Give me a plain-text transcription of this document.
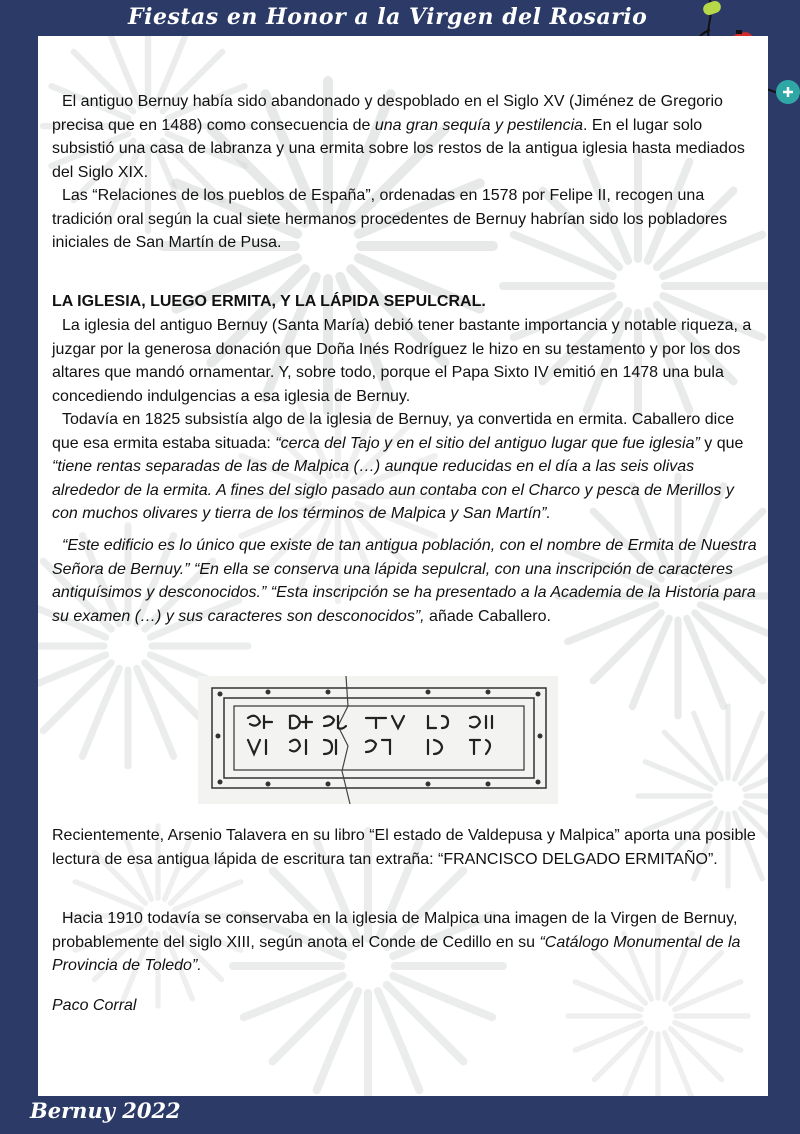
Fiestas en Honor a la Virgen del Rosario
El antiguo Bernuy había sido abandonado y despoblado en el Siglo XV (Jiménez de Gregorio precisa que en 1488) como consecuencia de una gran sequía y pestilencia. En el lugar solo subsistió una casa de labranza y una ermita sobre los restos de la antigua iglesia hasta mediados del Siglo XIX.
Las “Relaciones de los pueblos de España”, ordenadas en 1578 por Felipe II, recogen una tradición oral según la cual siete hermanos procedentes de Bernuy habrían sido los pobladores iniciales de San Martín de Pusa.
LA IGLESIA, LUEGO ERMITA, Y LA LÁPIDA SEPULCRAL.
La iglesia del antiguo Bernuy (Santa María) debió tener bastante importancia y notable riqueza, a juzgar por la generosa donación que Doña Inés Rodríguez le hizo en su testamento y por los dos altares que mandó ornamentar. Y, sobre todo, porque el Papa Sixto IV emitió en 1478 una bula concediendo indulgencias a esa iglesia de Bernuy.
Todavía en 1825 subsistía algo de la iglesia de Bernuy, ya convertida en ermita. Caballero dice que esa ermita estaba situada: “cerca del Tajo y en el sitio del antiguo lugar que fue iglesia” y que “tiene rentas separadas de las de Malpica (…) aunque reducidas en el día a las seis olivas alrededor de la ermita. A fines del siglo pasado aun contaba con el Charco y pesca de Merillos y con muchos olivares y tierra de los términos de Malpica y San Martín”.
“Este edificio es lo único que existe de tan antigua población, con el nombre de Ermita de Nuestra Señora de Bernuy.” “En ella se conserva una lápida sepulcral, con una inscripción de caracteres antiquísimos y desconocidos.” “Esta inscripción se ha presentado a la Academia de la Historia para su examen (…) y sus caracteres son desconocidos”, añade Caballero.
Recientemente, Arsenio Talavera en su libro “El estado de Valdepusa y Malpica” aporta una posible lectura de esa antigua lápida de escritura tan extraña: “FRANCISCO DELGADO ERMITAÑO”.
Hacia 1910 todavía se conservaba en la iglesia de Malpica una imagen de la Virgen de Bernuy, probablemente del siglo XIII, según anota el Conde de Cedillo en su “Catálogo Monumental de la Provincia de Toledo”.
Paco Corral
Bernuy 2022
